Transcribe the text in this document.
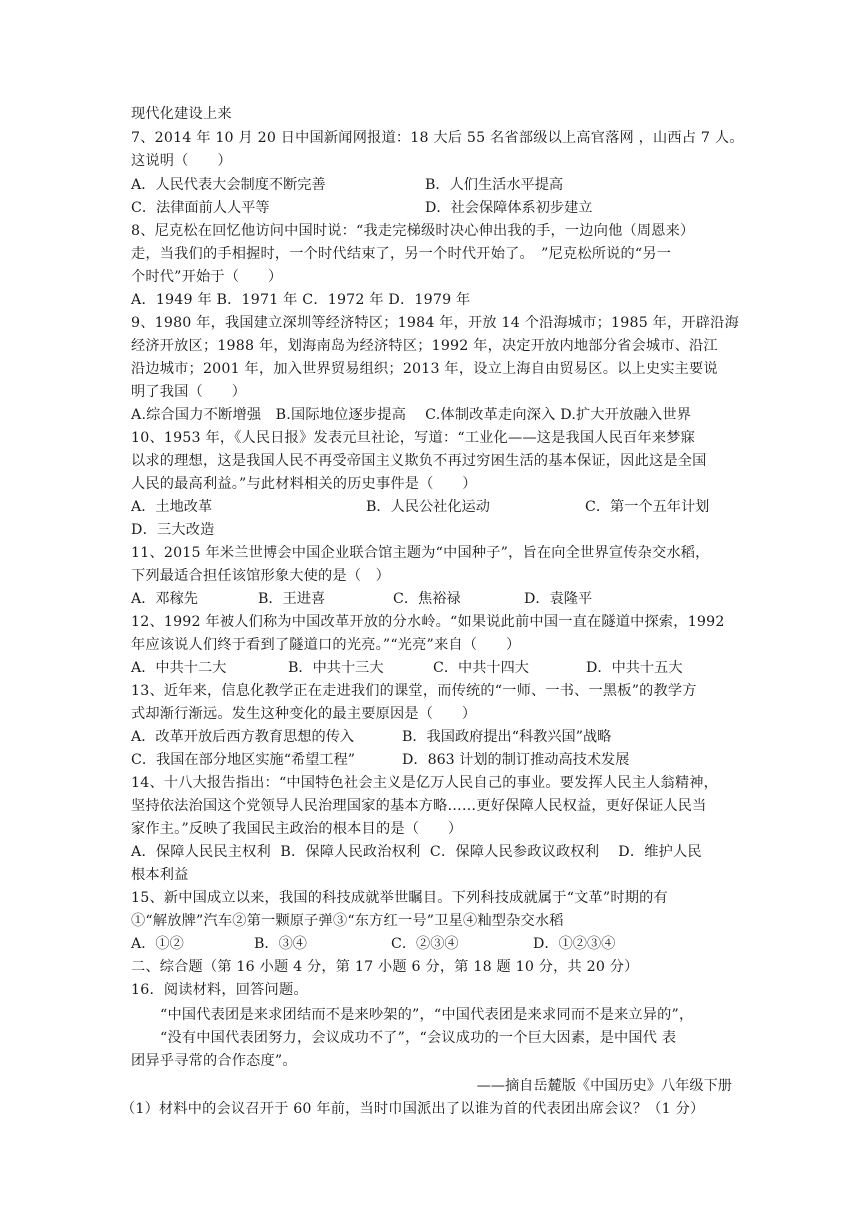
现代化建设上来
7、2014 年 10 月 20 日中国新闻网报道：18 大后 55 名省部级以上高官落网 ，山西占 7 人。
这说明（　　）
A．人民代表大会制度不断完善	B．人们生活水平提高
C．法律面前人人平等	D．社会保障体系初步建立
8、尼克松在回忆他访问中国时说：“我走完梯级时决心伸出我的手，一边向他（周恩来）
走，当我们的手相握时，一个时代结束了，另一个时代开始了。　”尼克松所说的“另一
个时代”开始于（　　）
A．1949 年 B．1971 年 C．1972 年 D．1979 年
9、1980 年，我国建立深圳等经济特区；1984 年，开放 14 个沿海城市；1985 年，开辟沿海
经济开放区；1988 年，划海南岛为经济特区；1992 年，决定开放内地部分省会城市、沿江
沿边城市；2001 年，加入世界贸易组织；2013 年，设立上海自由贸易区。以上史实主要说
明了我国（　　）
A.综合国力不断增强　B.国际地位逐步提高　 C.体制改革走向深入 D.扩大开放融入世界
10、1953 年，《人民日报》发表元旦社论，写道：“工业化——这是我国人民百年来梦寐
以求的理想，这是我国人民不再受帝国主义欺负不再过穷困生活的基本保证，因此这是全国
人民的最高利益。”与此材料相关的历史事件是（　　）
A．土地改革	B．人民公社化运动	C．第一个五年计划
D．三大改造
11、2015 年米兰世博会中国企业联合馆主题为“中国种子”，旨在向全世界宣传杂交水稻，
下列最适合担任该馆形象大使的是（　）
A．邓稼先	B．王进喜	C．焦裕禄	D．袁隆平
12、1992 年被人们称为中国改革开放的分水岭。“如果说此前中国一直在隧道中探索，1992
年应该说人们终于看到了隧道口的光亮。”“光亮”来自（　　）
A．中共十二大	B．中共十三大	C．中共十四大	D．中共十五大
13、近年来，信息化教学正在走进我们的课堂，而传统的“一师、一书、一黑板”的教学方
式却渐行渐远。发生这种变化的最主要原因是（　　）
A．改革开放后西方教育思想的传入	B．我国政府提出“科教兴国”战略
C．我国在部分地区实施“希望工程”	D．863 计划的制订推动高技术发展
14、十八大报告指出：“中国特色社会主义是亿万人民自己的事业。要发挥人民主人翁精神，
坚持依法治国这个党领导人民治理国家的基本方略……更好保障人民权益，更好保证人民当
家作主。”反映了我国民主政治的根本目的是（　　）
A．保障人民民主权利  B．保障人民政治权利  C．保障人民参政议政权利　 D．维护人民
根本利益
15、新中国成立以来，我国的科技成就举世瞩目。下列科技成就属于“文革”时期的有
①“解放牌”汽车②第一颗原子弹③“东方红一号”卫星④籼型杂交水稻
A．①②	B．③④	C．②③④	D．①②③④
二、综合题（第 16 小题 4 分，第 17 小题 6 分，第 18 题 10 分，共 20 分）
16．阅读材料，回答问题。
“中国代表团是来求团结而不是来吵架的”，“中国代表团是来求同而不是来立异的”，
“没有中国代表团努力，会议成功不了”，“会议成功的一个巨大因素，是中国代 表
团异乎寻常的合作态度”。
——摘自岳麓版《中国历史》八年级下册
（1）材料中的会议召开于 60 年前，当时巾国派出了以谁为首的代表团出席会议？（1 分）
